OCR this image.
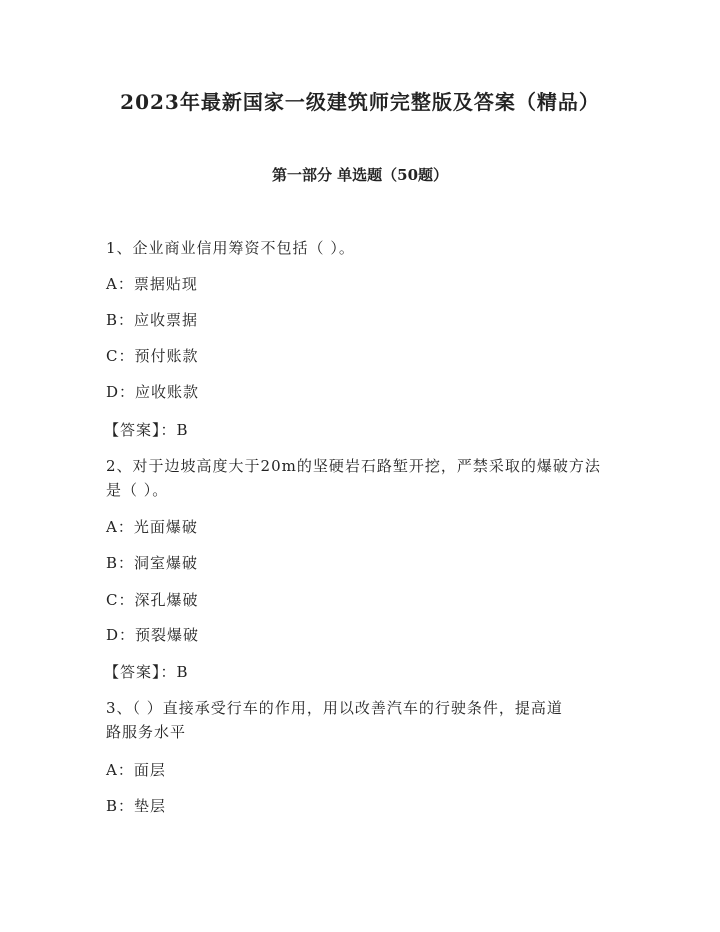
2023年最新国家一级建筑师完整版及答案（精品）
第一部分 单选题（50题）

1、企业商业信用筹资不包括（ ）。

A：票据贴现

B：应收票据

C：预付账款

D：应收账款

【答案】：B

2、对于边坡高度大于20m的坚硬岩石路堑开挖，严禁采取的爆破方法

是（ ）。

A：光面爆破

B：洞室爆破

C：深孔爆破

D：预裂爆破

【答案】：B

3、（ ）直接承受行车的作用，用以改善汽车的行驶条件，提高道

路服务水平

A：面层

B：垫层
